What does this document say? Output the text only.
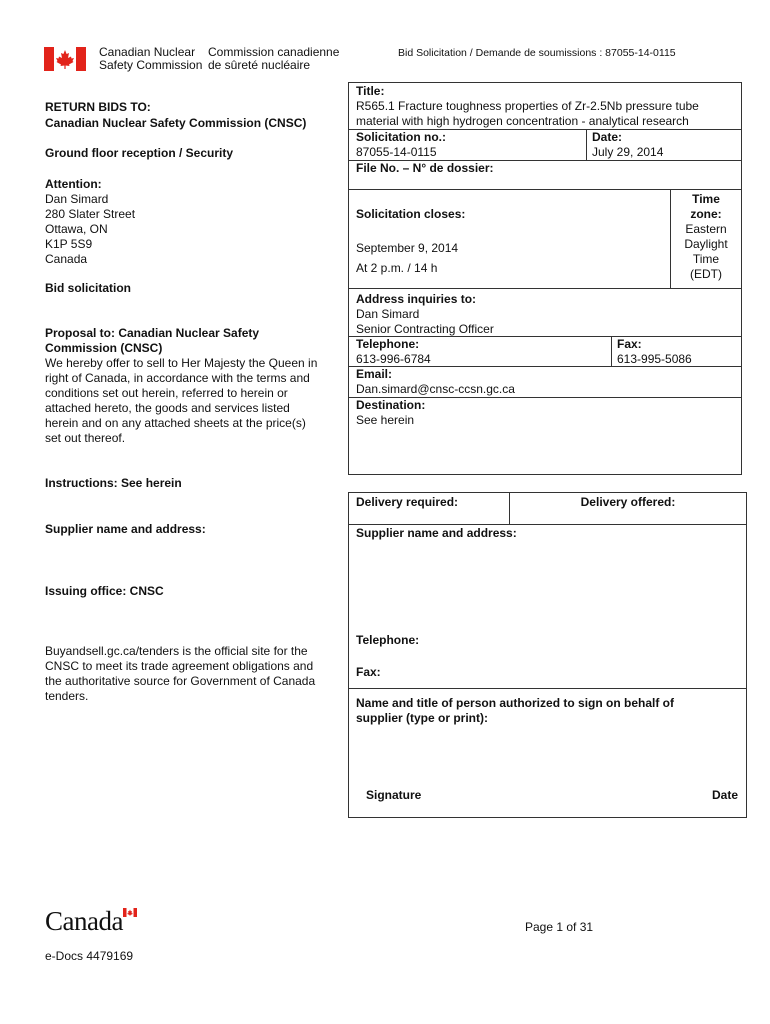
Canadian Nuclear
Safety Commission
Commission canadienne
de sûreté nucléaire
Bid Solicitation / Demande de soumissions : 87055-14-0115
RETURN BIDS TO:
Canadian Nuclear Safety Commission (CNSC)
Ground floor reception / Security
Attention:
Dan Simard
280 Slater Street
Ottawa, ON
K1P 5S9
Canada
Bid solicitation
Proposal to: Canadian Nuclear Safety
Commission (CNSC)
We hereby offer to sell to Her Majesty the Queen in
right of Canada, in accordance with the terms and
conditions set out herein, referred to herein or
attached hereto, the goods and services listed
herein and on any attached sheets at the price(s)
set out thereof.
Instructions: See herein
Supplier name and address:
Issuing office: CNSC
Buyandsell.gc.ca/tenders is the official site for the
CNSC to meet its trade agreement obligations and
the authoritative source for Government of Canada
tenders.
Title:
R565.1 Fracture toughness properties of Zr-2.5Nb pressure tube
material with high hydrogen concentration - analytical research
Solicitation no.:
87055-14-0115
Date:
July 29, 2014
File No. – N° de dossier:
Solicitation closes:
September 9, 2014
At 2 p.m. / 14 h
Time
zone:
Eastern
Daylight
Time
(EDT)
Address inquiries to:
Dan Simard
Senior Contracting Officer
Telephone:
613-996-6784
Fax:
613-995-5086
Email:
Dan.simard@cnsc-ccsn.gc.ca
Destination:
See herein
Delivery required:	Delivery offered:
Supplier name and address:
Telephone:
Fax:
Name and title of person authorized to sign on behalf of
supplier (type or print):
Signature	Date
Canada	Page 1 of 31
e-Docs 4479169
